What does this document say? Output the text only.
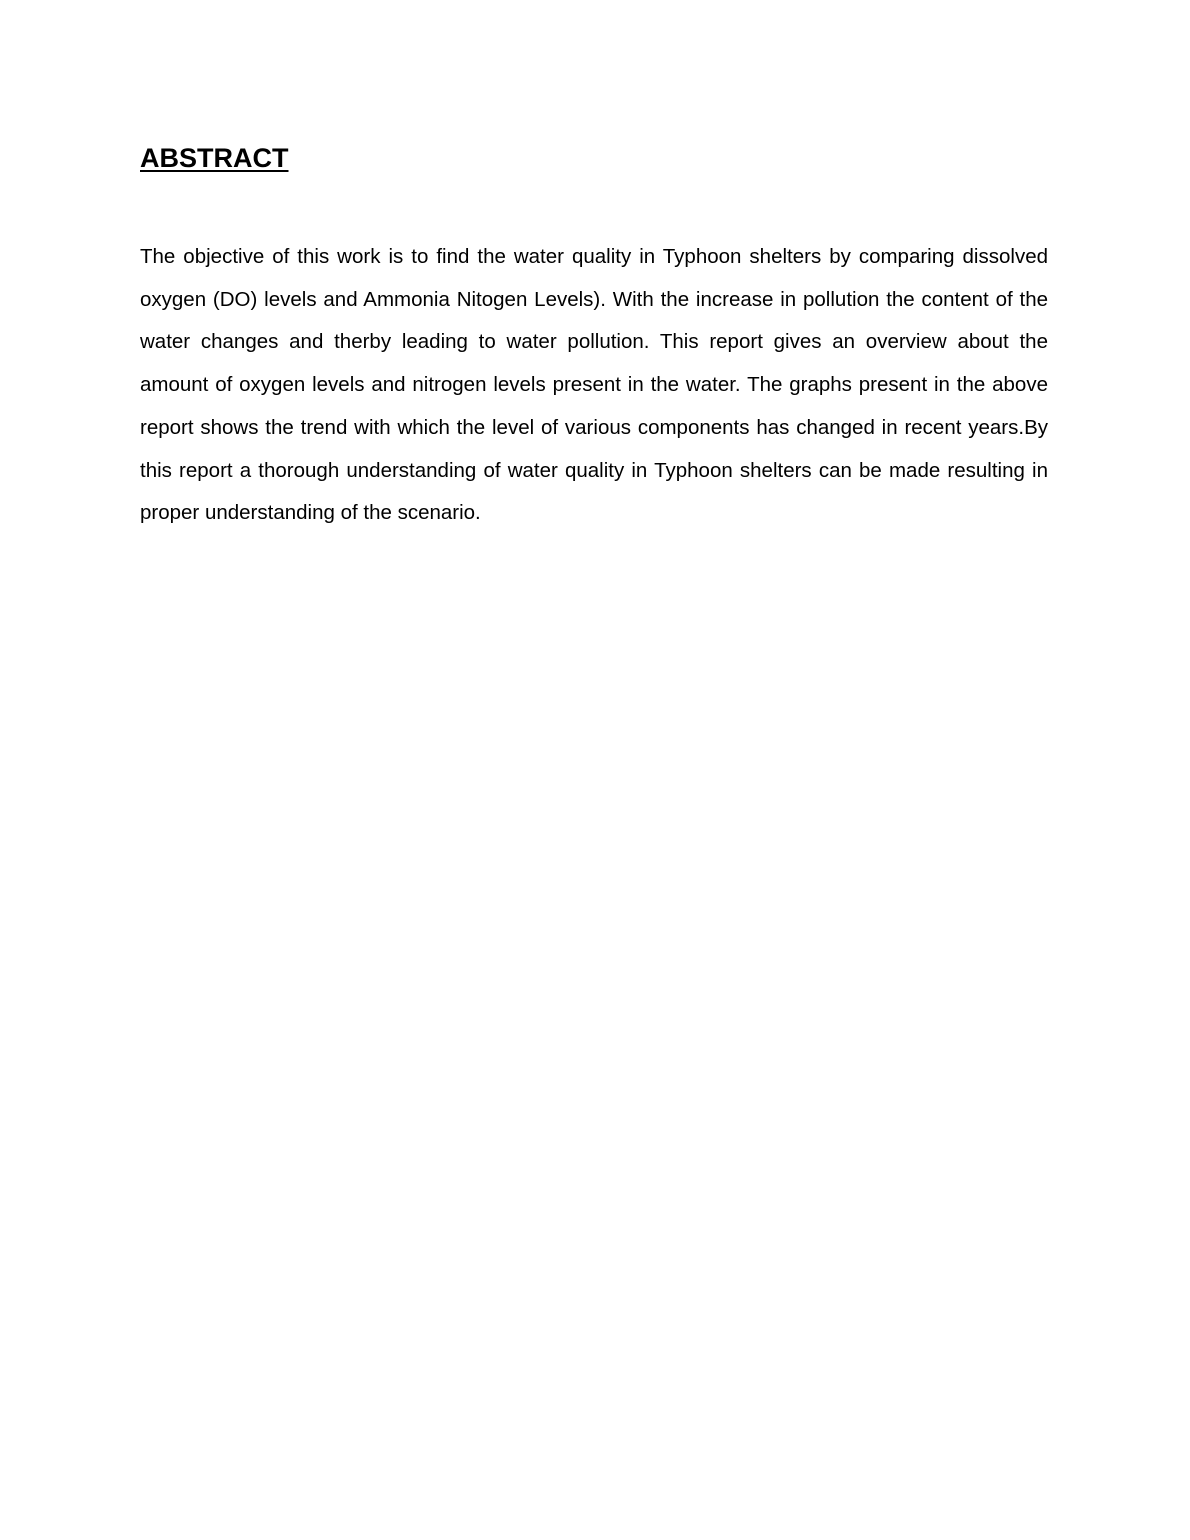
ABSTRACT

The objective of this work is to find the water quality in Typhoon shelters by comparing dissolved oxygen (DO) levels and Ammonia Nitogen Levels). With the increase in pollution the content of the water changes and therby leading to water pollution. This report gives an overview about the amount of oxygen levels and nitrogen levels present in the water. The graphs present in the above report shows the trend with which the level of various components has changed in recent years.By this report a thorough understanding of water quality in Typhoon shelters can be made resulting in proper understanding of the scenario.
